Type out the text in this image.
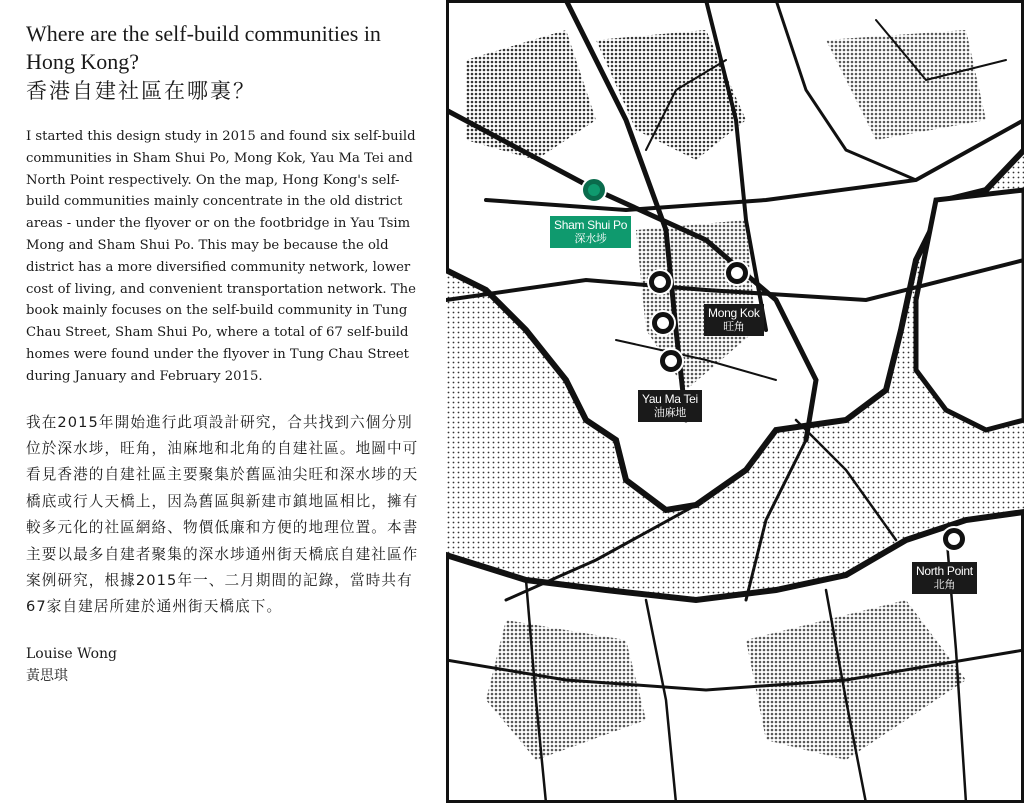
Where are the self-build communities in
Hong Kong?
香港自建社區在哪裏？

I started this design study in 2015 and found six self-build communities in Sham Shui Po, Mong Kok, Yau Ma Tei and North Point respectively. On the map, Hong Kong's self-build communities mainly concentrate in the old district areas - under the flyover or on the footbridge in Yau Tsim Mong and Sham Shui Po. This may be because the old district has a more diversified community network, lower cost of living, and convenient transportation network. The book mainly focuses on the self-build community in Tung Chau Street, Sham Shui Po, where a total of 67 self-build homes were found under the flyover in Tung Chau Street during January and February 2015.

我在2015年開始進行此項設計研究，合共找到六個分別位於深水埗，旺角，油麻地和北角的自建社區。地圖中可看見香港的自建社區主要聚集於舊區油尖旺和深水埗的天橋底或行人天橋上，因為舊區與新建市鎮地區相比，擁有較多元化的社區網絡、物價低廉和方便的地理位置。本書主要以最多自建者聚集的深水埗通州街天橋底自建社區作案例研究，根據2015年一、二月期間的記錄，當時共有67家自建居所建於通州街天橋底下。

Louise Wong

黃思琪

Sham Shui Po
深水埗
Mong Kok
旺角
Yau Ma Tei
油麻地
North Point
北角
